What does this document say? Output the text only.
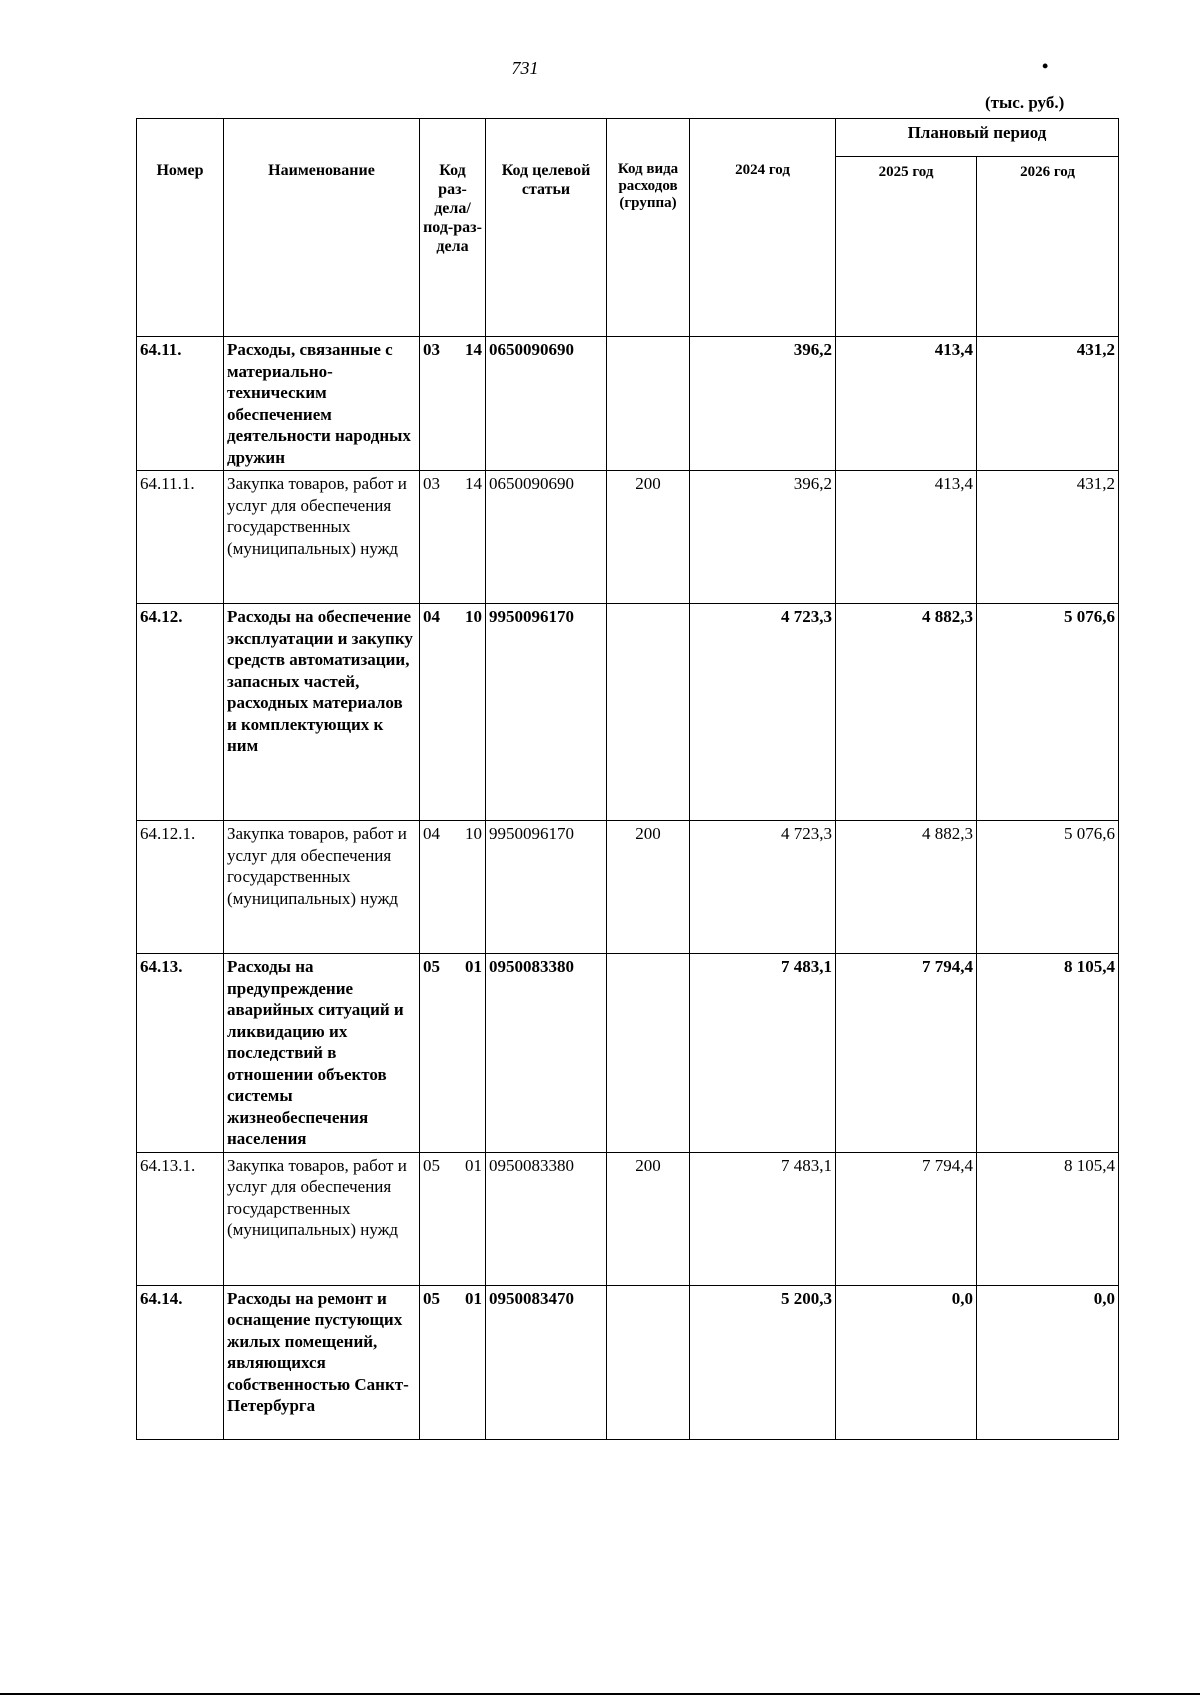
731	•
(тыс. руб.)
Номер	Наименование	Код раз-дела/ под-раз-дела	Код целевой статьи	Код вида расходов (группа)	2024 год	Плановый период	
						2025 год	2026 год
64.11.	Расходы, связанные с материально-техническим обеспечением деятельности народных дружин	03 14	0650090690		396,2	413,4	431,2
64.11.1.	Закупка товаров, работ и услуг для обеспечения государственных (муниципальных) нужд	03 14	0650090690	200	396,2	413,4	431,2
64.12.	Расходы на обеспечение эксплуатации и закупку средств автоматизации, запасных частей, расходных материалов и комплектующих к ним	04 10	9950096170		4 723,3	4 882,3	5 076,6
64.12.1.	Закупка товаров, работ и услуг для обеспечения государственных (муниципальных) нужд	04 10	9950096170	200	4 723,3	4 882,3	5 076,6
64.13.	Расходы на предупреждение аварийных ситуаций и ликвидацию их последствий в отношении объектов системы жизнеобеспечения населения	05 01	0950083380		7 483,1	7 794,4	8 105,4
64.13.1.	Закупка товаров, работ и услуг для обеспечения государственных (муниципальных) нужд	05 01	0950083380	200	7 483,1	7 794,4	8 105,4
64.14.	Расходы на ремонт и оснащение пустующих жилых помещений, являющихся собственностью Санкт-Петербурга	05 01	0950083470		5 200,3	0,0	0,0
